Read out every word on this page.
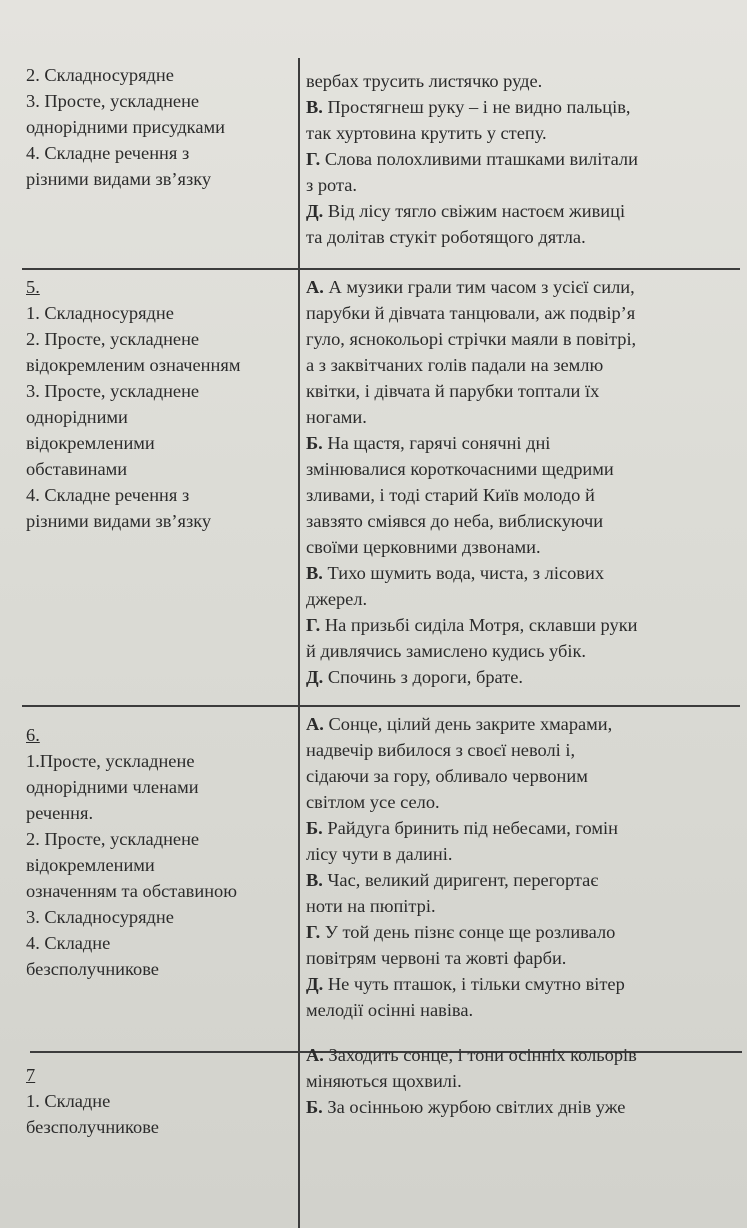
2. Складносурядне
3. Просте, ускладнене
однорідними присудками
4. Складне речення з
різними видами зв’язку
вербах трусить листячко руде.
В. Простягнеш руку – і не видно пальців,
так хуртовина крутить у степу.
Г. Слова полохливими пташками вилітали
з рота.
Д. Від лісу тягло свіжим настоєм живиці
та долітав стукіт роботящого дятла.
5.
1. Складносурядне
2. Просте, ускладнене
відокремленим означенням
3. Просте, ускладнене
однорідними
відокремленими
обставинами
4. Складне речення з
різними видами зв’язку
А. А музики грали тим часом з усієї сили,
парубки й дівчата танцювали, аж подвір’я
гуло, яснокольорі стрічки маяли в повітрі,
а з заквітчаних голів падали на землю
квітки, і дівчата й парубки топтали їх
ногами.
Б. На щастя, гарячі сонячні дні
змінювалися короткочасними щедрими
зливами, і тоді старий Київ молодо й
завзято сміявся до неба, виблискуючи
своїми церковними дзвонами.
В. Тихо шумить вода, чиста, з лісових
джерел.
Г. На призьбі сиділа Мотря, склавши руки
й дивлячись замислено кудись убік.
Д. Спочинь з дороги, брате.
6.
1.Просте, ускладнене
однорідними членами
речення.
2. Просте, ускладнене
відокремленими
означенням та обставиною
3. Складносурядне
4. Складне
безсполучникове
А. Сонце, цілий день закрите хмарами,
надвечір вибилося з своєї неволі і,
сідаючи за гору, обливало червоним
світлом усе село.
Б. Райдуга бринить під небесами, гомін
лісу чути в далині.
В. Час, великий диригент, перегортає
ноти на пюпітрі.
Г. У той день пізнє сонце ще розливало
повітрям червоні та жовті фарби.
Д. Не чуть пташок, і тільки смутно вітер
мелодії осінні навіва.
7
1. Складне
безсполучникове
А. Заходить сонце, і тони осінніх кольорів
міняються щохвилі.
Б. За осінньою журбою світлих днів уже
